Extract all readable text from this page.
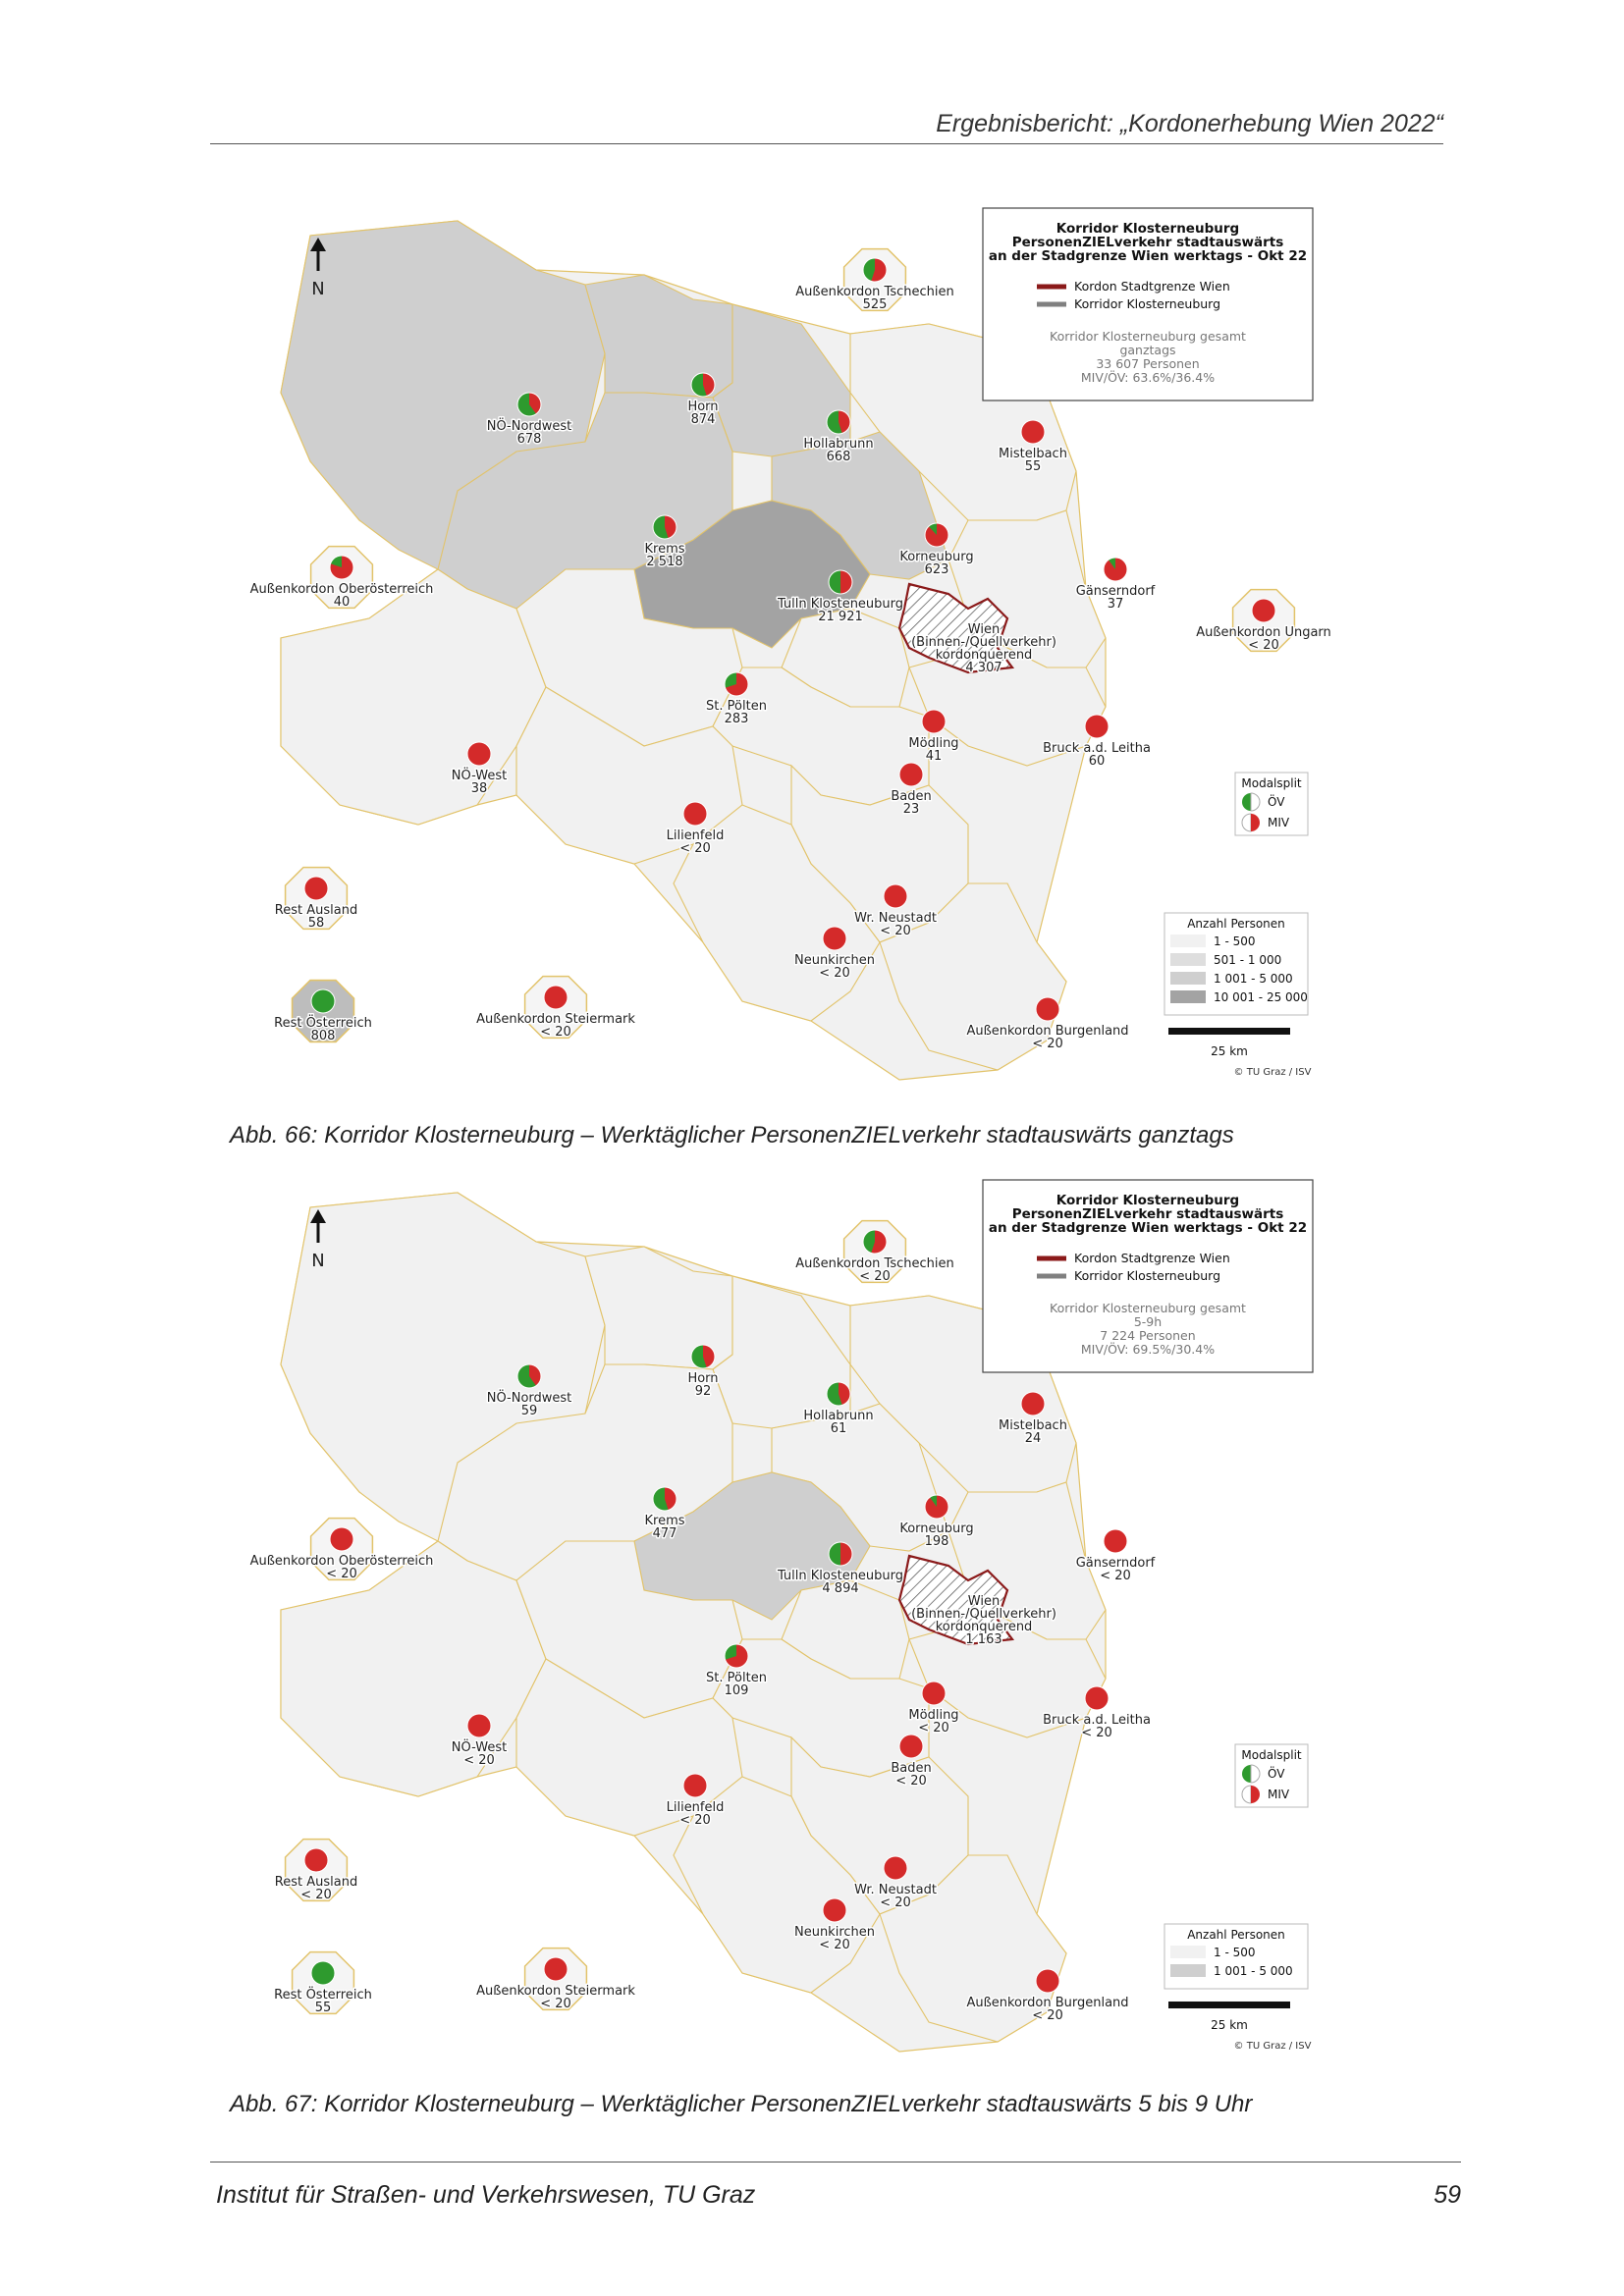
Ergebnisbericht: „Kordonerhebung Wien 2022“
Außenkordon Tschechien
525
NÖ-Nordwest
678
Horn
874
Hollabrunn
668	Mistelbach
55
Krems
2 518	Korneuburg
623
Außenkordon Oberösterreich
40	Tulln Klosteneuburg
21 921
Gänserndorf
37
Außenkordon Ungarn
< 20
Wien
(Binnen-/Quellverkehr)
kordonquerend
4 307
St. Pölten
283
Mödling
41
Bruck a.d. Leitha
60
NÖ-West
38
Baden
23
Lilienfeld
< 20
Rest Ausland
58	Wr. Neustadt
< 20
Neunkirchen
< 20
Rest Österreich
808
Außenkordon Steiermark
< 20	Außenkordon Burgenland
< 20
N
Korridor Klosterneuburg
PersonenZIELverkehr stadtauswärts
an der Stadgrenze Wien werktags - Okt 22
Kordon Stadtgrenze Wien
Korridor Klosterneuburg
Korridor Klosterneuburg gesamt
ganztags
33 607 Personen
MIV/ÖV: 63.6%/36.4%
Modalsplit
ÖV
MIV
Anzahl Personen
1 - 500
501 - 1 000
1 001 - 5 000
10 001 - 25 000
25 km
© TU Graz / ISV
Abb. 66: Korridor Klosterneuburg – Werktäglicher PersonenZIELverkehr stadtauswärts ganztags
Außenkordon Tschechien
< 20
NÖ-Nordwest
59
Horn
92
Hollabrunn
61	Mistelbach
24
Krems
477	Korneuburg
198
Außenkordon Oberösterreich
< 20	Tulln Klosteneuburg
4 894
Gänserndorf
< 20
Wien
(Binnen-/Quellverkehr)
kordonquerend
1 163
St. Pölten
109
Mödling
< 20
Bruck a.d. Leitha
< 20
NÖ-West
< 20
Baden
< 20
Lilienfeld
< 20
Rest Ausland
< 20	Wr. Neustadt
< 20
Neunkirchen
< 20
Rest Österreich
55
Außenkordon Steiermark
< 20	Außenkordon Burgenland
< 20
N
Korridor Klosterneuburg
PersonenZIELverkehr stadtauswärts
an der Stadgrenze Wien werktags - Okt 22
Kordon Stadtgrenze Wien
Korridor Klosterneuburg
Korridor Klosterneuburg gesamt
5-9h
7 224 Personen
MIV/ÖV: 69.5%/30.4%
Modalsplit
ÖV
MIV
Anzahl Personen
1 - 500
1 001 - 5 000
25 km
© TU Graz / ISV
Abb. 67: Korridor Klosterneuburg – Werktäglicher PersonenZIELverkehr stadtauswärts 5 bis 9 Uhr
Institut für Straßen- und Verkehrswesen, TU Graz	59
